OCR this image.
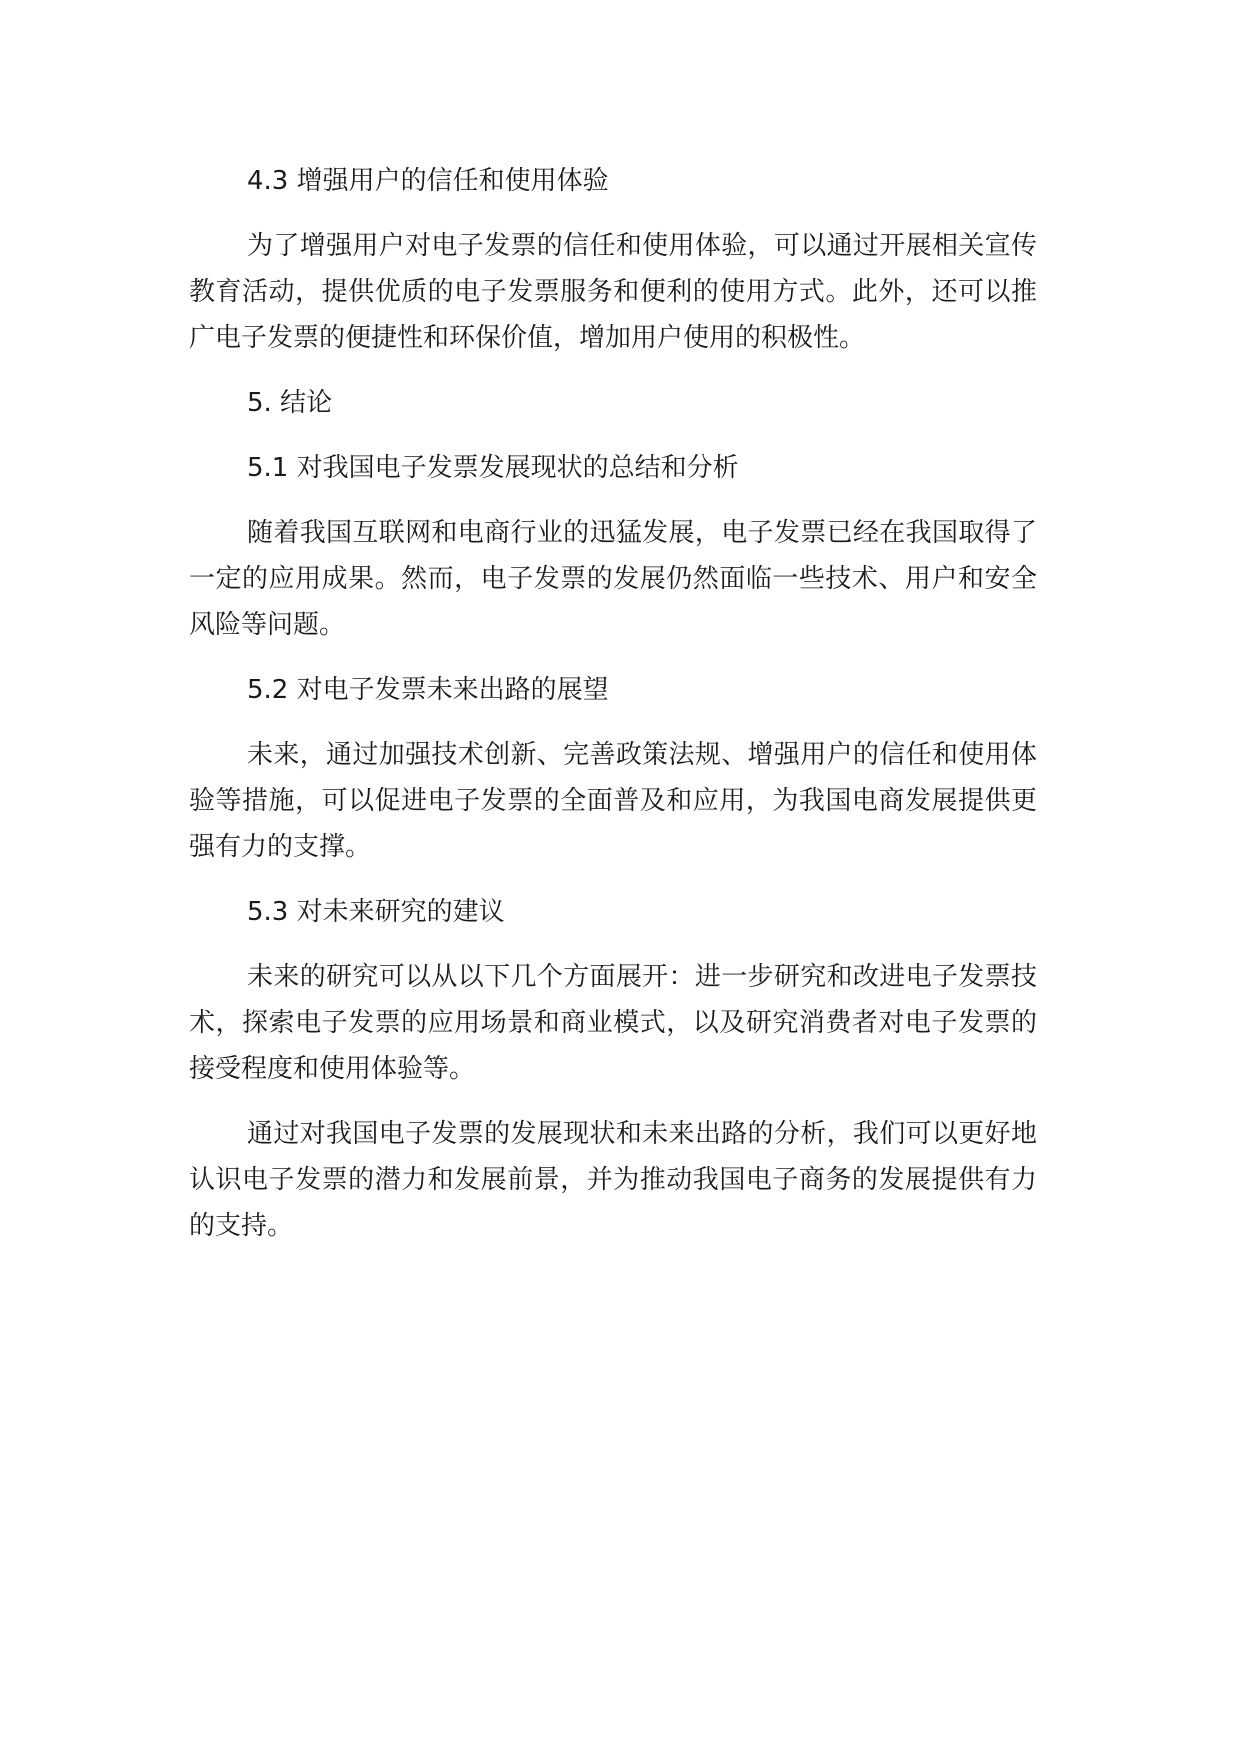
4.3 增强用户的信任和使用体验

为了增强用户对电子发票的信任和使用体验，可以通过开展相关宣传教育活动，提供优质的电子发票服务和便利的使用方式。此外，还可以推广电子发票的便捷性和环保价值，增加用户使用的积极性。

5. 结论
5.1 对我国电子发票发展现状的总结和分析

随着我国互联网和电商行业的迅猛发展，电子发票已经在我国取得了一定的应用成果。然而，电子发票的发展仍然面临一些技术、用户和安全风险等问题。

5.2 对电子发票未来出路的展望

未来，通过加强技术创新、完善政策法规、增强用户的信任和使用体验等措施，可以促进电子发票的全面普及和应用，为我国电商发展提供更强有力的支撑。

5.3 对未来研究的建议

未来的研究可以从以下几个方面展开：进一步研究和改进电子发票技术，探索电子发票的应用场景和商业模式，以及研究消费者对电子发票的接受程度和使用体验等。

通过对我国电子发票的发展现状和未来出路的分析，我们可以更好地认识电子发票的潜力和发展前景，并为推动我国电子商务的发展提供有力的支持。
